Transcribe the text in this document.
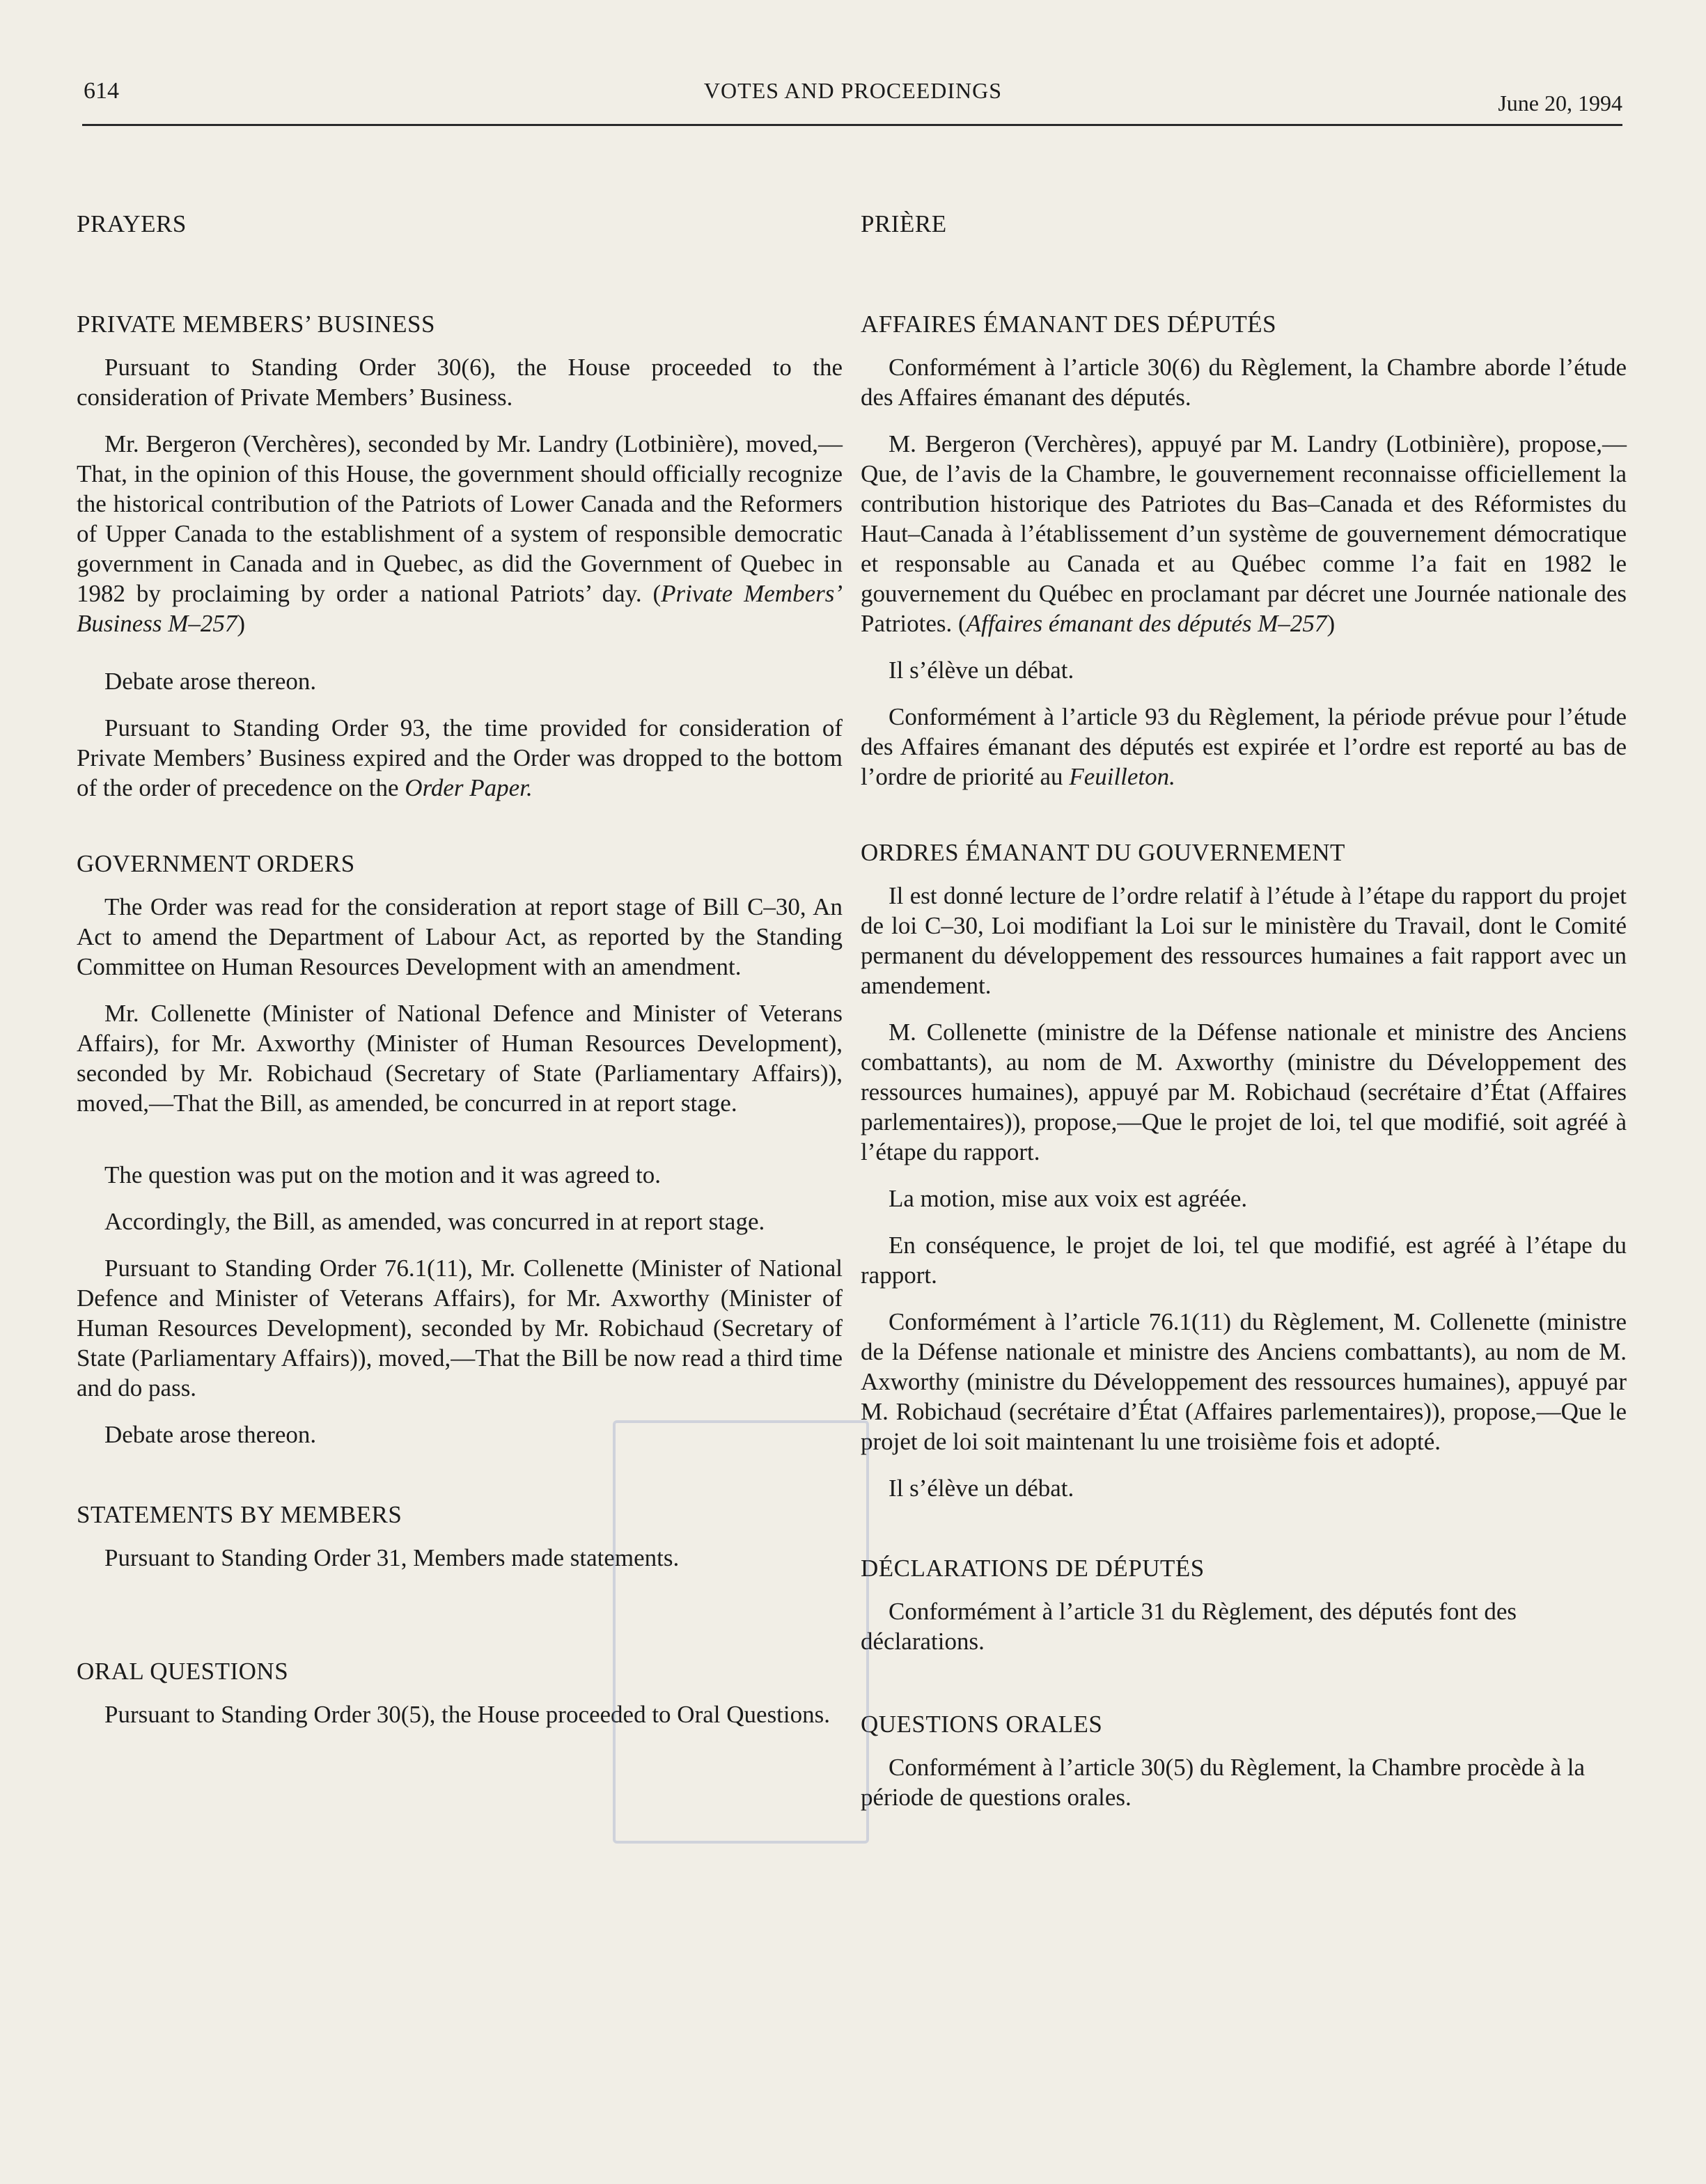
614	VOTES AND PROCEEDINGS	June 20, 1994
PRAYERS
PRIVATE MEMBERS’ BUSINESS

Pursuant to Standing Order 30(6), the House proceeded to the consideration of Private Members’ Business.

Mr. Bergeron (Verchères), seconded by Mr. Landry (Lotbinière), moved,—That, in the opinion of this House, the government should officially recognize the historical contribution of the Patriots of Lower Canada and the Reformers of Upper Canada to the establishment of a system of responsible democratic government in Canada and in Quebec, as did the Government of Quebec in 1982 by proclaiming by order a national Patriots’ day. (Private Members’ Business M–257)

Debate arose thereon.

Pursuant to Standing Order 93, the time provided for consideration of Private Members’ Business expired and the Order was dropped to the bottom of the order of precedence on the Order Paper.

GOVERNMENT ORDERS

The Order was read for the consideration at report stage of Bill C–30, An Act to amend the Department of Labour Act, as reported by the Standing Committee on Human Resources Development with an amendment.

Mr. Collenette (Minister of National Defence and Minister of Veterans Affairs), for Mr. Axworthy (Minister of Human Resources Development), seconded by Mr. Robichaud (Secretary of State (Parliamentary Affairs)), moved,—That the Bill, as amended, be concurred in at report stage.

The question was put on the motion and it was agreed to.

Accordingly, the Bill, as amended, was concurred in at report stage.

Pursuant to Standing Order 76.1(11), Mr. Collenette (Minister of National Defence and Minister of Veterans Affairs), for Mr. Axworthy (Minister of Human Resources Development), seconded by Mr. Robichaud (Secretary of State (Parliamentary Affairs)), moved,—That the Bill be now read a third time and do pass.

Debate arose thereon.

STATEMENTS BY MEMBERS

Pursuant to Standing Order 31, Members made statements.

ORAL QUESTIONS

Pursuant to Standing Order 30(5), the House proceeded to Oral Questions.

PRIÈRE
AFFAIRES ÉMANANT DES DÉPUTÉS

Conformément à l’article 30(6) du Règlement, la Chambre aborde l’étude des Affaires émanant des députés.

M. Bergeron (Verchères), appuyé par M. Landry (Lotbinière), propose,—Que, de l’avis de la Chambre, le gouvernement reconnaisse officiellement la contribution historique des Patriotes du Bas–Canada et des Réformistes du Haut–Canada à l’établissement d’un système de gouvernement démocratique et responsable au Canada et au Québec comme l’a fait en 1982 le gouvernement du Québec en proclamant par décret une Journée nationale des Patriotes. (Affaires émanant des députés M–257)

Il s’élève un débat.

Conformément à l’article 93 du Règlement, la période prévue pour l’étude des Affaires émanant des députés est expirée et l’ordre est reporté au bas de l’ordre de priorité au Feuilleton.

ORDRES ÉMANANT DU GOUVERNEMENT

Il est donné lecture de l’ordre relatif à l’étude à l’étape du rapport du projet de loi C–30, Loi modifiant la Loi sur le ministère du Travail, dont le Comité permanent du développement des ressources humaines a fait rapport avec un amendement.

M. Collenette (ministre de la Défense nationale et ministre des Anciens combattants), au nom de M. Axworthy (ministre du Développement des ressources humaines), appuyé par M. Robichaud (secrétaire d’État (Affaires parlementaires)), propose,—Que le projet de loi, tel que modifié, soit agréé à l’étape du rapport.

La motion, mise aux voix est agréée.

En conséquence, le projet de loi, tel que modifié, est agréé à l’étape du rapport.

Conformément à l’article 76.1(11) du Règlement, M. Collenette (ministre de la Défense nationale et ministre des Anciens combattants), au nom de M. Axworthy (ministre du Développement des ressources humaines), appuyé par M. Robichaud (secrétaire d’État (Affaires parlementaires)), propose,—Que le projet de loi soit maintenant lu une troisième fois et adopté.

Il s’élève un débat.

DÉCLARATIONS DE DÉPUTÉS

Conformément à l’article 31 du Règlement, des députés font des déclarations.

QUESTIONS ORALES

Conformément à l’article 30(5) du Règlement, la Chambre procède à la période de questions orales.
